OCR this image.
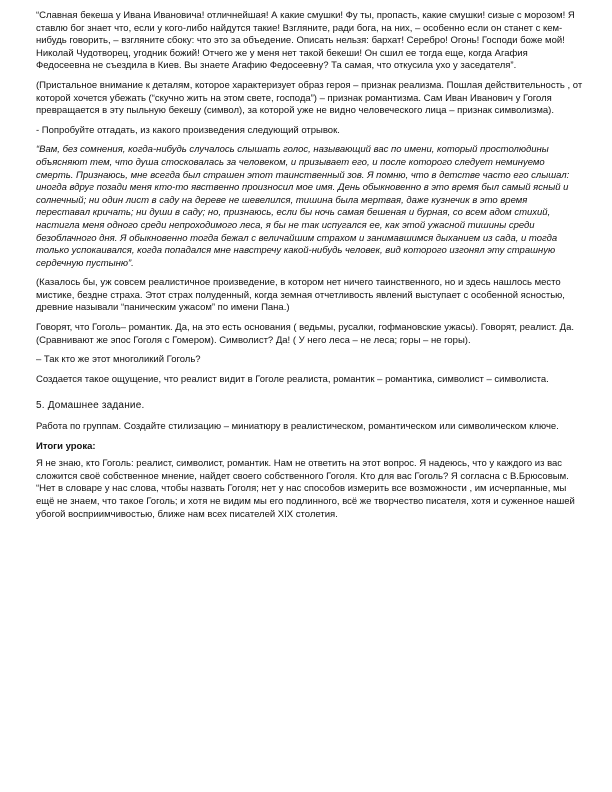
“Славная бекеша у Ивана Ивановича! отличнейшая! А какие смушки! Фу ты, пропасть, какие смушки! сизые с морозом! Я ставлю бог знает что, если у кого-либо найдутся такие! Взгляните, ради бога, на них, – особенно если он станет с кем-нибудь говорить, – взгляните сбоку: что это за объедение. Описать нельзя: бархат! Серебро! Огонь! Господи боже мой! Николай Чудотворец, угодник божий! Отчего же у меня нет такой бекеши! Он сшил ее тогда еще, когда Агафия Федосеевна не съездила в Киев. Вы знаете Агафию Федосеевну? Та самая, что откусила ухо у заседателя”.

(Пристальное внимание к деталям, которое характеризует образ героя – признак реализма. Пошлая действительность , от которой хочется убежать (“скучно жить на этом свете, господа”) – признак романтизма. Сам Иван Иванович у Гоголя превращается в эту пыльную бекешу (символ), за которой уже не видно человеческого лица – признак символизма).

- Попробуйте отгадать, из какого произведения следующий отрывок.

“Вам, без сомнения, когда-нибудь случалось слышать голос, называющий вас по имени, который простолюдины объясняют тем, что душа стосковалась за человеком, и призывает его, и после которого следует неминуемо смерть. Признаюсь, мне всегда был страшен этот таинственный зов. Я помню, что в детстве часто его слышал: иногда вдруг позади меня кто-то явственно произносил мое имя. День обыкновенно в это время был самый ясный и солнечный; ни один лист в саду на дереве не шевелился, тишина была мертвая, даже кузнечик в это время переставал кричать; ни души в саду; но, признаюсь, если бы ночь самая бешеная и бурная, со всем адом стихий, настигла меня одного среди непроходимого леса, я бы не так испугался ее, как этой ужасной тишины среди безоблачного дня. Я обыкновенно тогда бежал с величайшим страхом и занимавшимся дыханием из сада, и тогда только успокаивался, когда попадался мне навстречу какой-нибудь человек, вид которого изгонял эту страшную сердечную пустыню”.

(Казалось бы, уж совсем реалистичное произведение, в котором нет ничего таинственного, но и здесь нашлось место мистике, бездне страха. Этот страх полуденный, когда земная отчетливость явлений выступает с особенной ясностью, древние называли “паническим ужасом” по имени Пана.)

Говорят, что Гоголь– романтик. Да, на это есть основания ( ведьмы, русалки, гофмановские ужасы). Говорят, реалист. Да. (Сравнивают же эпос Гоголя с Гомером). Символист? Да! ( У него леса – не леса; горы – не горы).

– Так кто же этот многоликий Гоголь?

Создается такое ощущение, что реалист видит в Гоголе реалиста, романтик – романтика, символист – символиста.

5. Домашнее задание.

Работа по группам. Создайте стилизацию – миниатюру в реалистическом, романтическом или символическом ключе.

Итоги урока:

Я не знаю, кто Гоголь: реалист, символист, романтик. Нам не ответить на этот вопрос. Я надеюсь, что у каждого из вас сложится своё собственное мнение, найдет своего собственного Гоголя. Кто для вас Гоголь? Я согласна с В.Брюсовым. “Нет в словаре у нас слова, чтобы назвать Гоголя; нет у нас способов измерить все возможности , им исчерпанные, мы ещё не знаем, что такое Гоголь; и хотя не видим мы его подлинного, всё же творчество писателя, хотя и суженное нашей убогой восприимчивостью, ближе нам всех писателей XIX столетия.
